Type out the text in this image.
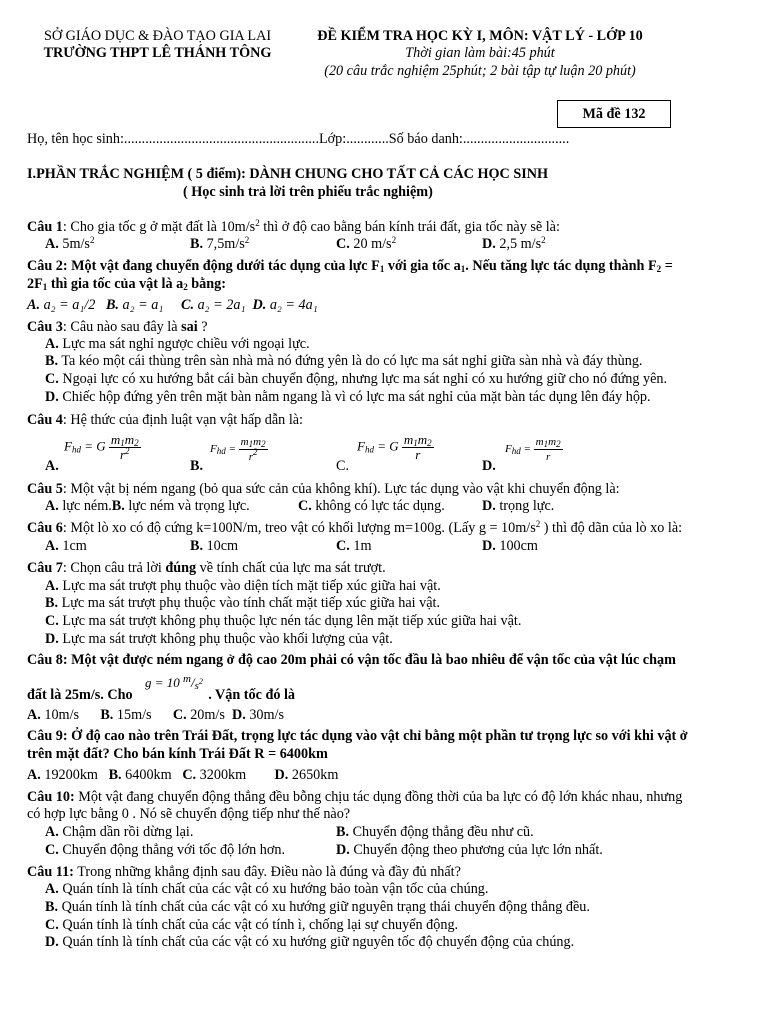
SỞ GIÁO DỤC & ĐÀO TẠO GIA LAI
TRƯỜNG THPT LÊ THÁNH TÔNG
ĐỀ KIỂM TRA HỌC KỲ I, MÔN: VẬT LÝ - LỚP 10
Thời gian làm bài:45 phút
(20 câu trắc nghiệm 25phút; 2 bài tập tự luận 20 phút)
Mã đề 132
Họ, tên học sinh:.......................................................Lớp:............Số báo danh:..............................
I.PHẦN TRẮC NGHIỆM ( 5 điểm): DÀNH CHUNG CHO TẤT CẢ CÁC HỌC SINH
( Học sinh trả lời trên phiếu trắc nghiệm)
Câu 1: Cho gia tốc g ở mặt đất là $10m/s^2$ thì ở độ cao bằng bán kính trái đất, gia tốc này sẽ là:
A. $5m/s^2$	B. $7,5m/s^2$	C. 20 $m/s^2$	D. 2,5 $m/s^2$
Câu 2: Một vật đang chuyển động dưới tác dụng của lực $F_1$ với gia tốc $a_1$. Nếu tăng lực tác dụng thành $F_2$ =
$2F_1$ thì gia tốc của vật là $a_2$ bằng:
A. a₂ = a₁/2 B. a₂ = a₁ C. a₂ = 2a₁ D. a₂ = 4a₁
Câu 3: Câu nào sau đây là sai ?
A. Lực ma sát nghỉ ngược chiều với ngoại lực.
B. Ta kéo một cái thùng trên sàn nhà mà nó đứng yên là do có lực ma sát nghỉ giữa sàn nhà và đáy thùng.
C. Ngoại lực có xu hướng bắt cái bàn chuyển động, nhưng lực ma sát nghỉ có xu hướng giữ cho nó đứng yên.
D. Chiếc hộp đứng yên trên mặt bàn nằm ngang là vì có lực ma sát nghỉ của mặt bàn tác dụng lên đáy hộp.
Câu 4: Hệ thức của định luật vạn vật hấp dẫn là:
A.
$F_{hd} = G \frac{m_1m_2}{r^2}$
B.
$F_{hd} = \frac{m_1m_2}{r^2}$
C.
$F_{hd} = G \frac{m_1m_2}{r}$
D.
$F_{hd} = \frac{m_1m_2}{r}$
Câu 5: Một vật bị ném ngang (bỏ qua sức cản của không khí). Lực tác dụng vào vật khi chuyển động là:
A. lực ném.B. lực ném và trọng lực.	C. không có lực tác dụng.	D. trọng lực.
Câu 6: Một lò xo có độ cứng k=100N/m, treo vật có khối lượng m=100g. (Lấy $g = 10m/s^2$ ) thì độ dãn của lò xo là:
A. 1cm	B. 10cm	C. 1m	D. 100cm
Câu 7: Chọn câu trả lời đúng về tính chất của lực ma sát trượt.
A. Lực ma sát trượt phụ thuộc vào diện tích mặt tiếp xúc giữa hai vật.
B. Lực ma sát trượt phụ thuộc vào tính chất mặt tiếp xúc giữa hai vật.
C. Lực ma sát trượt không phụ thuộc lực nén tác dụng lên mặt tiếp xúc giữa hai vật.
D. Lực ma sát trượt không phụ thuộc vào khối lượng của vật.
Câu 8: Một vật được ném ngang ở độ cao 20m phải có vận tốc đầu là bao nhiêu để vận tốc của vật lúc chạm
đất là 25m/s. Cho	. Vận tốc đó là
g = 10 $^m/_{s^2}$
A. 10m/s B. 15m/s C. 20m/s D. 30m/s
Câu 9: Ở độ cao nào trên Trái Đất, trọng lực tác dụng vào vật chỉ bằng một phần tư trọng lực so với khi vật ở
trên mặt đất? Cho bán kính Trái Đất R = 6400km
A. 19200km B. 6400km C. 3200km D. 2650km
Câu 10: Một vật đang chuyển động thẳng đều bỗng chịu tác dụng đồng thời của ba lực có độ lớn khác nhau, nhưng
có hợp lực bằng 0 . Nó sẽ chuyển động tiếp như thế nào?
A. Chậm dần rồi dừng lại.	B. Chuyển động thẳng đều như cũ.
C. Chuyển động thẳng với tốc độ lớn hơn.	D. Chuyển động theo phương của lực lớn nhất.
Câu 11: Trong những khẳng định sau đây. Điều nào là đúng và đầy đủ nhất?
A. Quán tính là tính chất của các vật có xu hướng bảo toàn vận tốc của chúng.
B. Quán tính là tính chất của các vật có xu hướng giữ nguyên trạng thái chuyển động thẳng đều.
C. Quán tính là tính chất của các vật có tính ì, chống lại sự chuyển động.
D. Quán tính là tính chất của các vật có xu hướng giữ nguyên tốc độ chuyển động của chúng.
